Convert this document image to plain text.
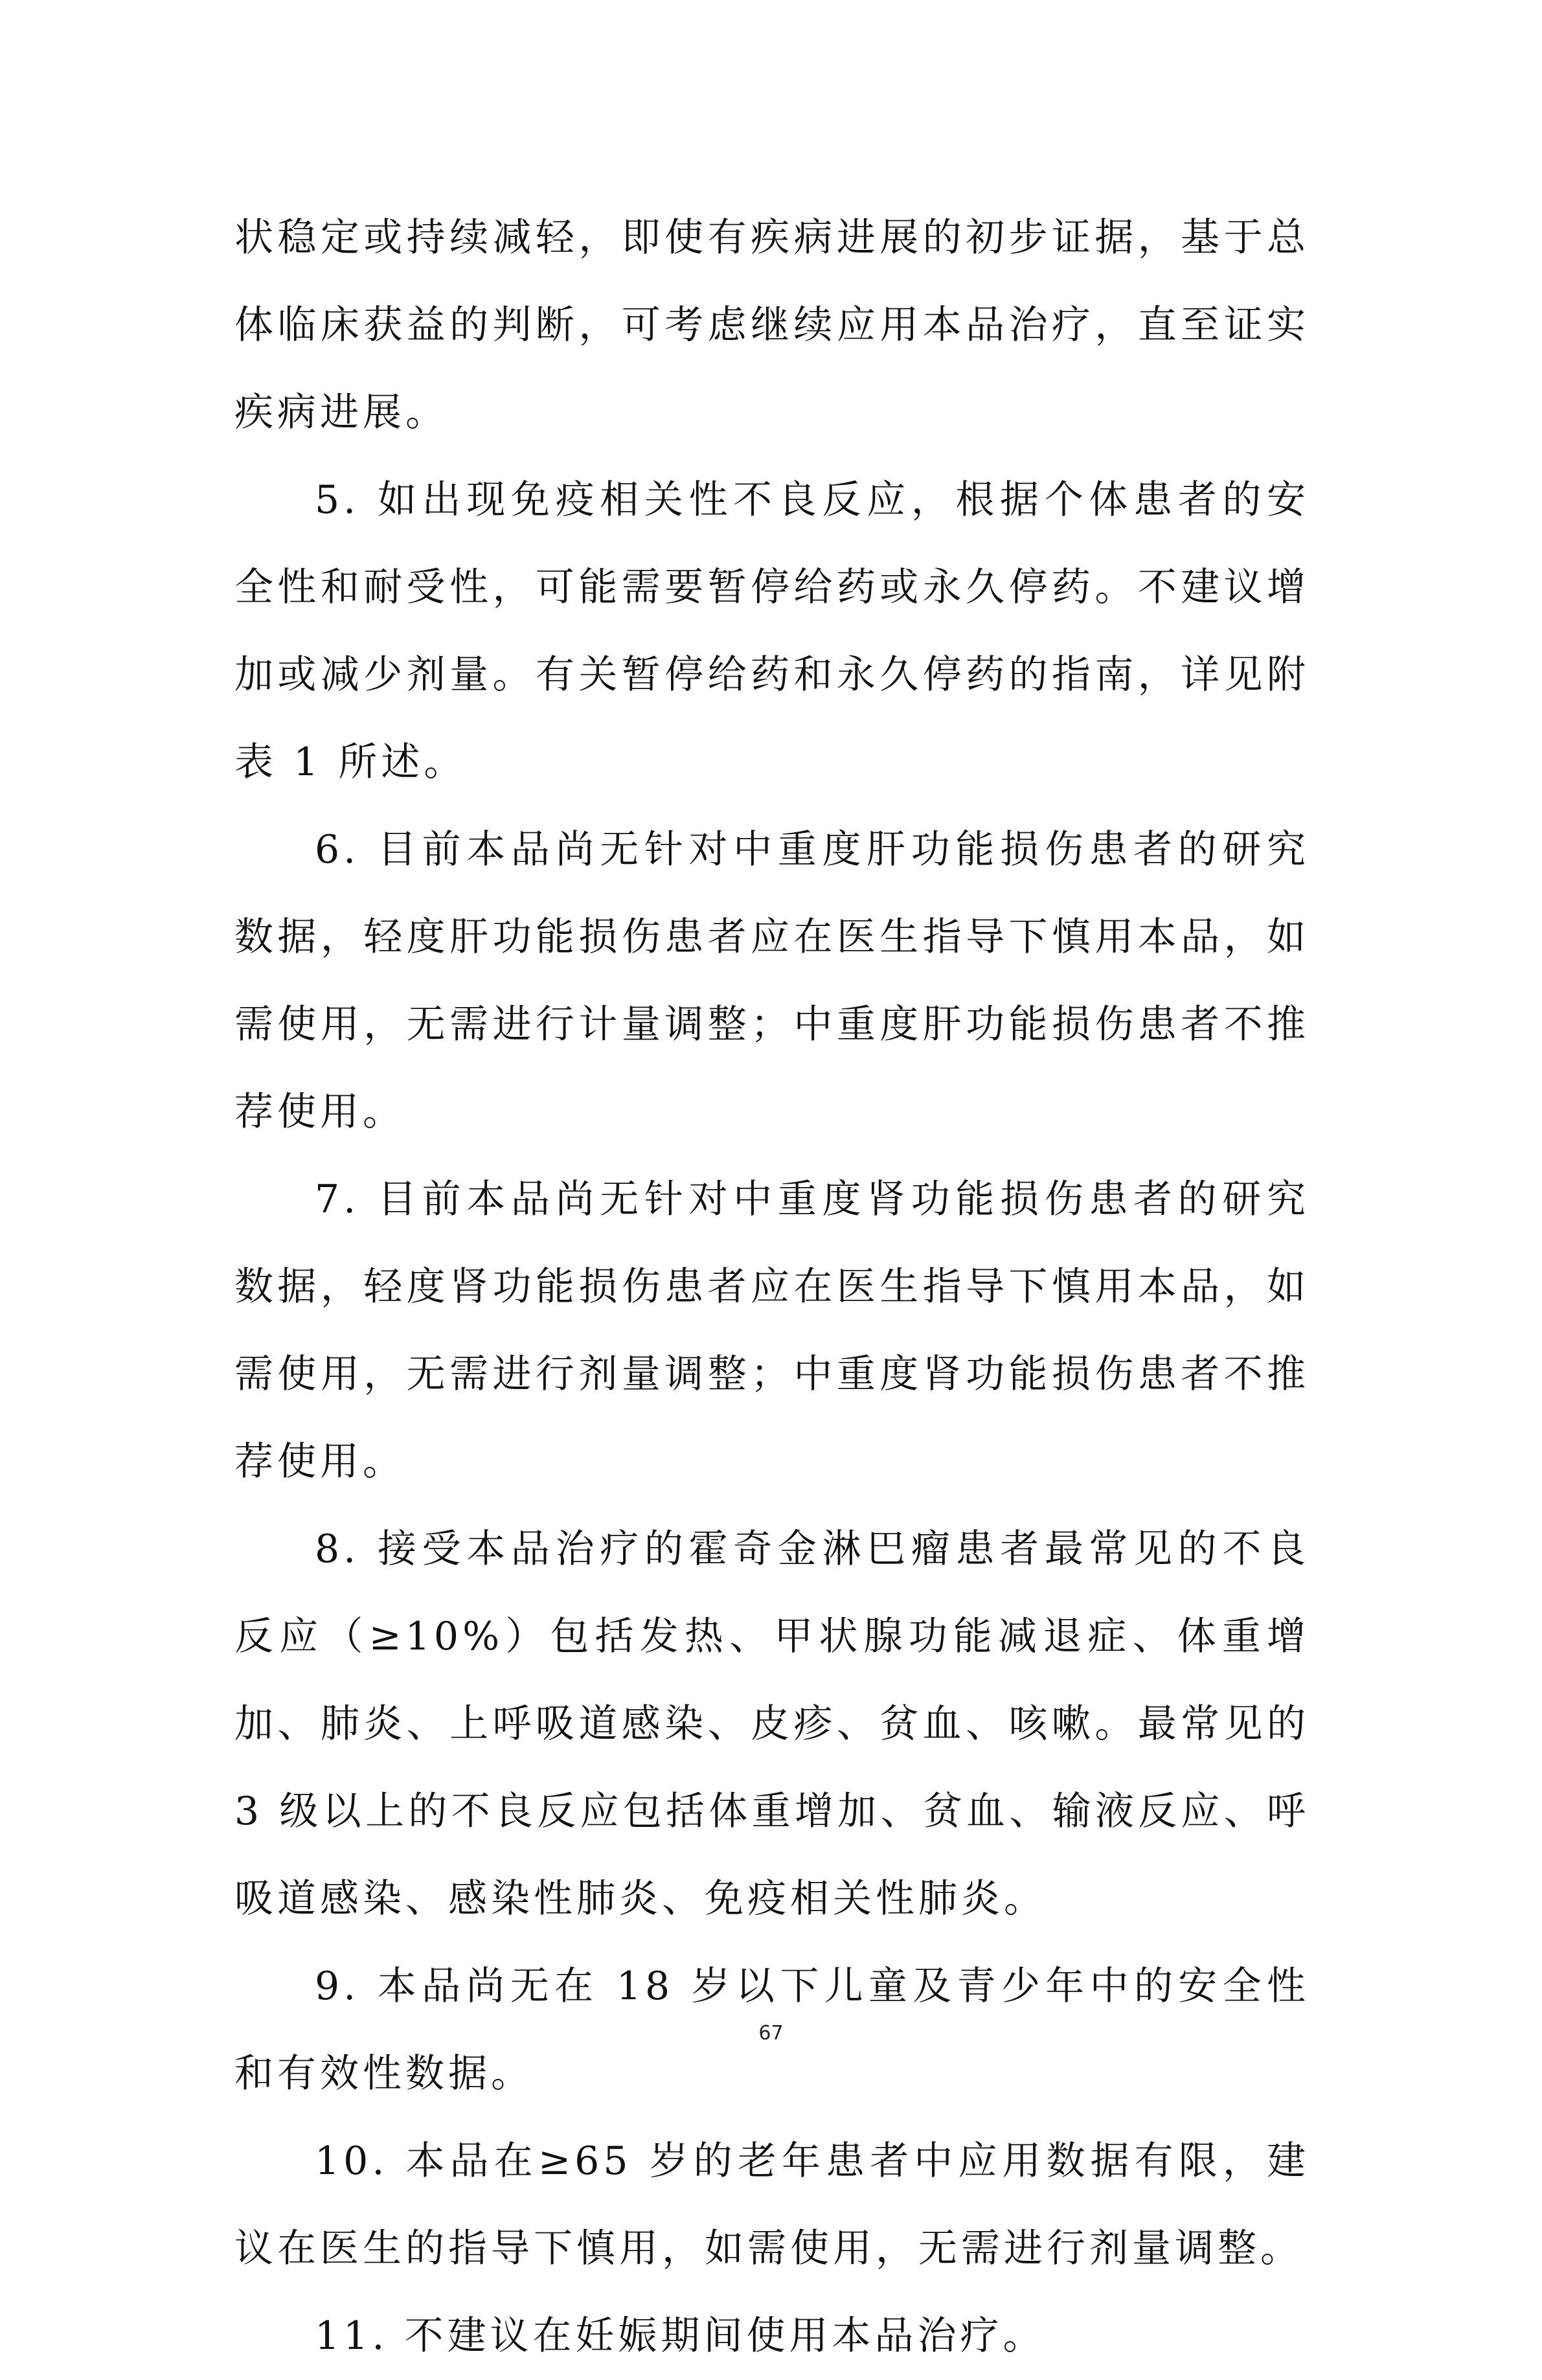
状稳定或持续减轻，即使有疾病进展的初步证据，基于总体临床获益的判断，可考虑继续应用本品治疗，直至证实疾病进展。

5. 如出现免疫相关性不良反应，根据个体患者的安全性和耐受性，可能需要暂停给药或永久停药。不建议增加或减少剂量。有关暂停给药和永久停药的指南，详见附表 1 所述。

6. 目前本品尚无针对中重度肝功能损伤患者的研究数据，轻度肝功能损伤患者应在医生指导下慎用本品，如需使用，无需进行计量调整；中重度肝功能损伤患者不推荐使用。

7. 目前本品尚无针对中重度肾功能损伤患者的研究数据，轻度肾功能损伤患者应在医生指导下慎用本品，如需使用，无需进行剂量调整；中重度肾功能损伤患者不推荐使用。

8. 接受本品治疗的霍奇金淋巴瘤患者最常见的不良反应（≥10%）包括发热、甲状腺功能减退症、体重增加、肺炎、上呼吸道感染、皮疹、贫血、咳嗽。最常见的 3 级以上的不良反应包括体重增加、贫血、输液反应、呼吸道感染、感染性肺炎、免疫相关性肺炎。

9. 本品尚无在 18 岁以下儿童及青少年中的安全性和有效性数据。

10. 本品在≥65 岁的老年患者中应用数据有限，建议在医生的指导下慎用，如需使用，无需进行剂量调整。

11. 不建议在妊娠期间使用本品治疗。

67
